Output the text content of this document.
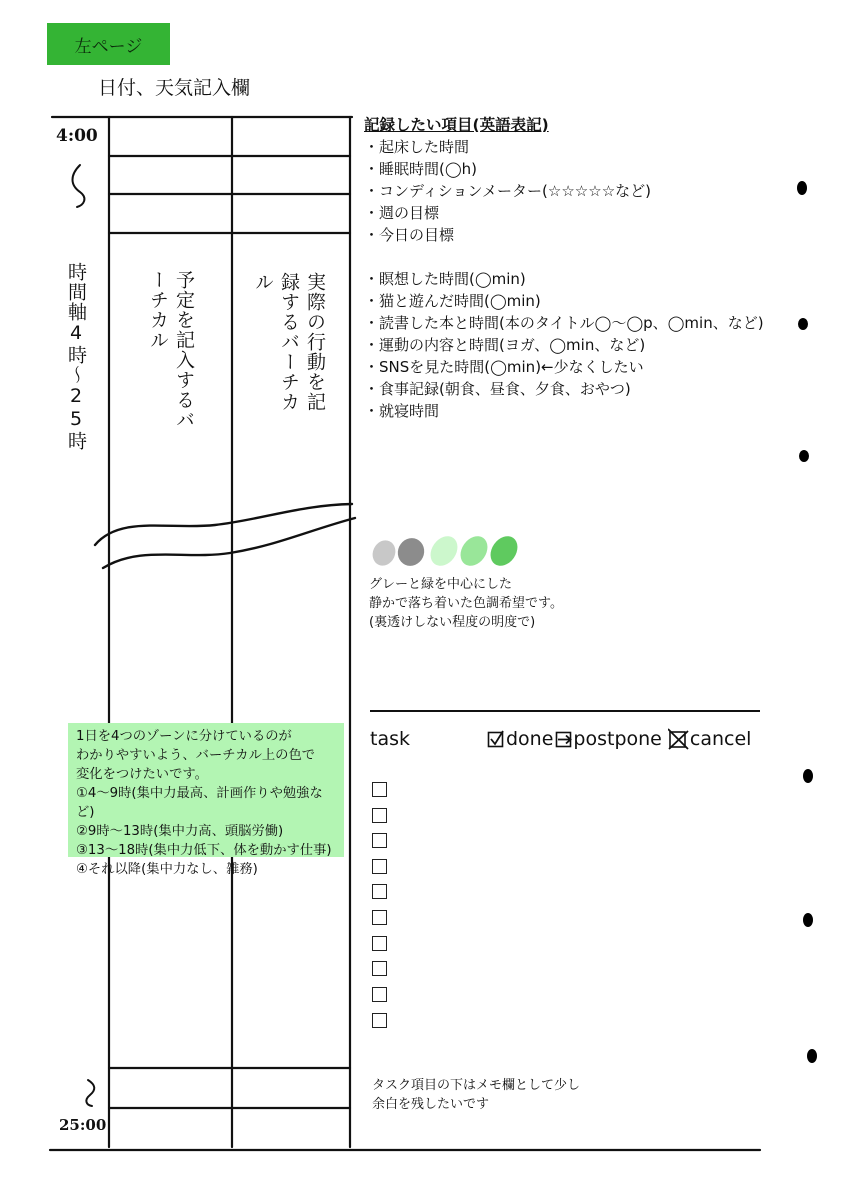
左ページ
日付、天気記入欄
4:00
25:00
時間軸4時〜25時	予定を記入するバーチカル	実際の行動を記録するバーチカル
記録したい項目(英語表記)
・起床した時間
・睡眠時間(◯h)
・コンディションメーター(☆☆☆☆☆など)
・週の目標
・今日の目標
・瞑想した時間(◯min)
・猫と遊んだ時間(◯min)
・読書した本と時間(本のタイトル◯〜◯p、◯min、など)
・運動の内容と時間(ヨガ、◯min、など)
・SNSを見た時間(◯min)←少なくしたい
・食事記録(朝食、昼食、夕食、おやつ)
・就寝時間
グレーと緑を中心にした
静かで落ち着いた色調希望です。
(裏透けしない程度の明度で)
1日を4つのゾーンに分けているのが
わかりやすいよう、バーチカル上の色で
変化をつけたいです。
①4〜9時(集中力最高、計画作りや勉強など)
②9時〜13時(集中力高、頭脳労働)
③13〜18時(集中力低下、体を動かす仕事)
④それ以降(集中力なし、雑務)
task	done postpone cancel
タスク項目の下はメモ欄として少し
余白を残したいです
